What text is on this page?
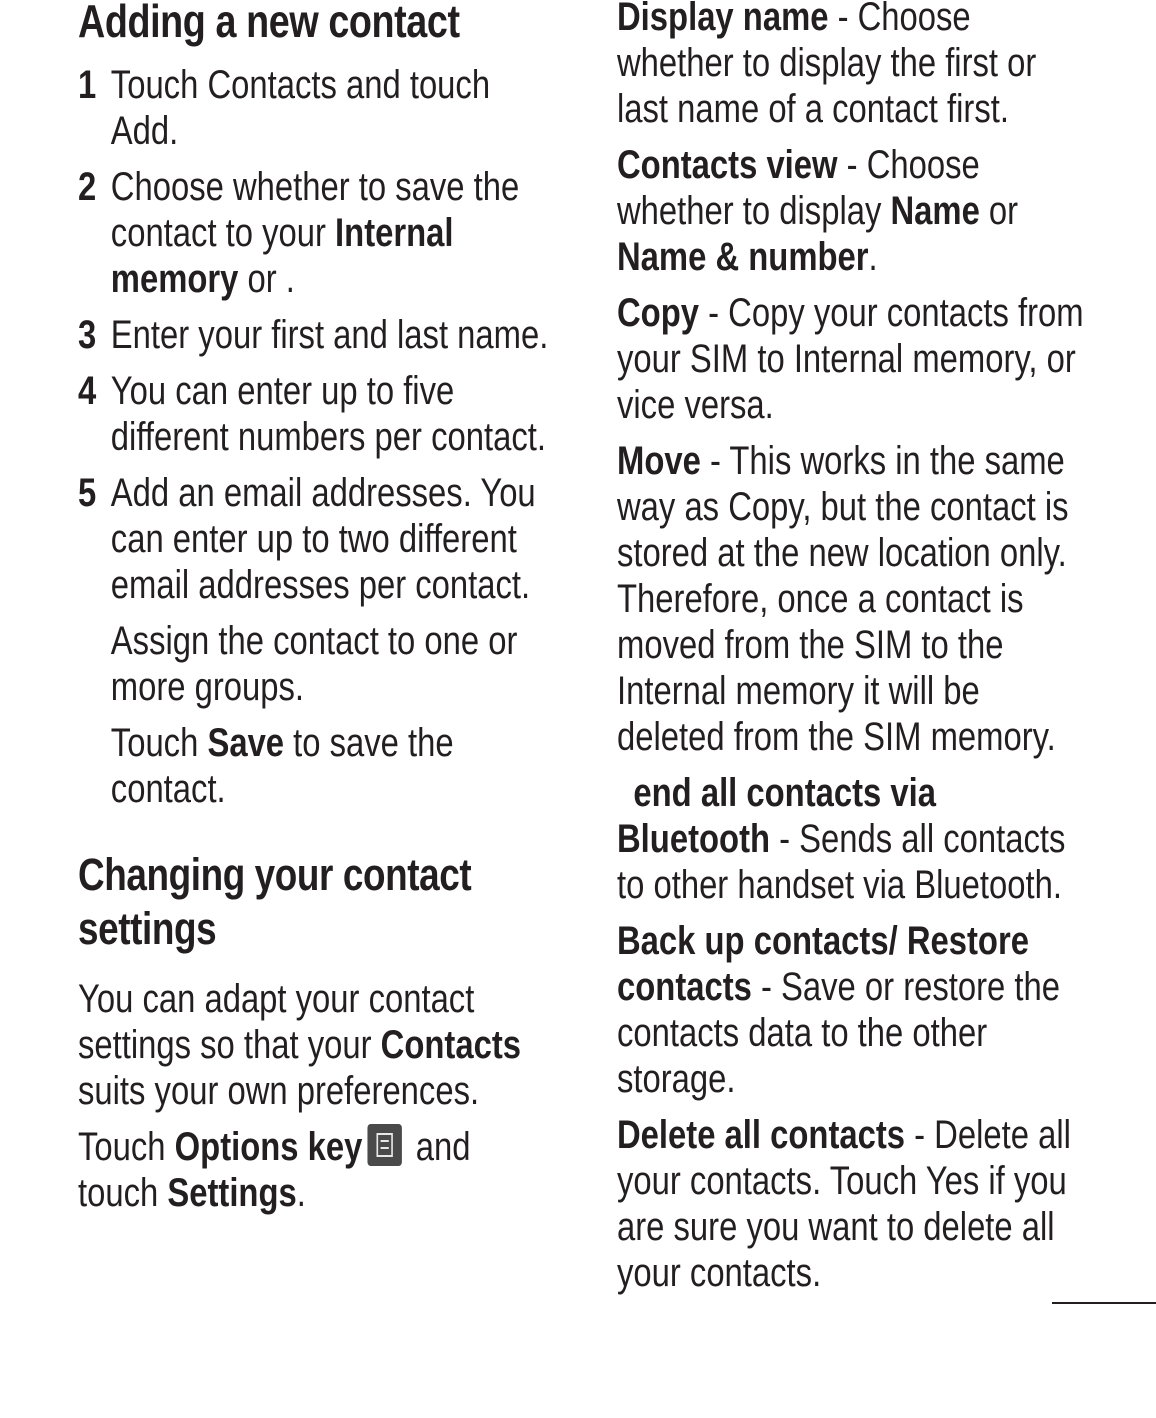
Adding a new contact
1 Touch Contacts and touch Add.
2 Choose whether to save the contact to your Internal memory or .
3 Enter your first and last name.
4 You can enter up to five different numbers per contact.
5 Add an email addresses. You can enter up to two different email addresses per contact.

Assign the contact to one or more groups.

Touch Save to save the contact.

Changing your contact settings

You can adapt your contact settings so that your Contacts suits your own preferences.

Touch Options key
and touch Settings.

Display name - Choose whether to display the first or last name of a contact first.

Contacts view - Choose whether to display Name or Name & number.

Copy - Copy your contacts from your SIM to Internal memory, or vice versa.

Move - This works in the same way as Copy, but the contact is stored at the new location only. Therefore, once a contact is moved from the SIM to the Internal memory it will be deleted from the SIM memory.

end all contacts via Bluetooth - Sends all contacts to other handset via Bluetooth.

Back up contacts/ Restore contacts - Save or restore the contacts data to the other storage.

Delete all contacts - Delete all your contacts. Touch Yes if you are sure you want to delete all your contacts.
